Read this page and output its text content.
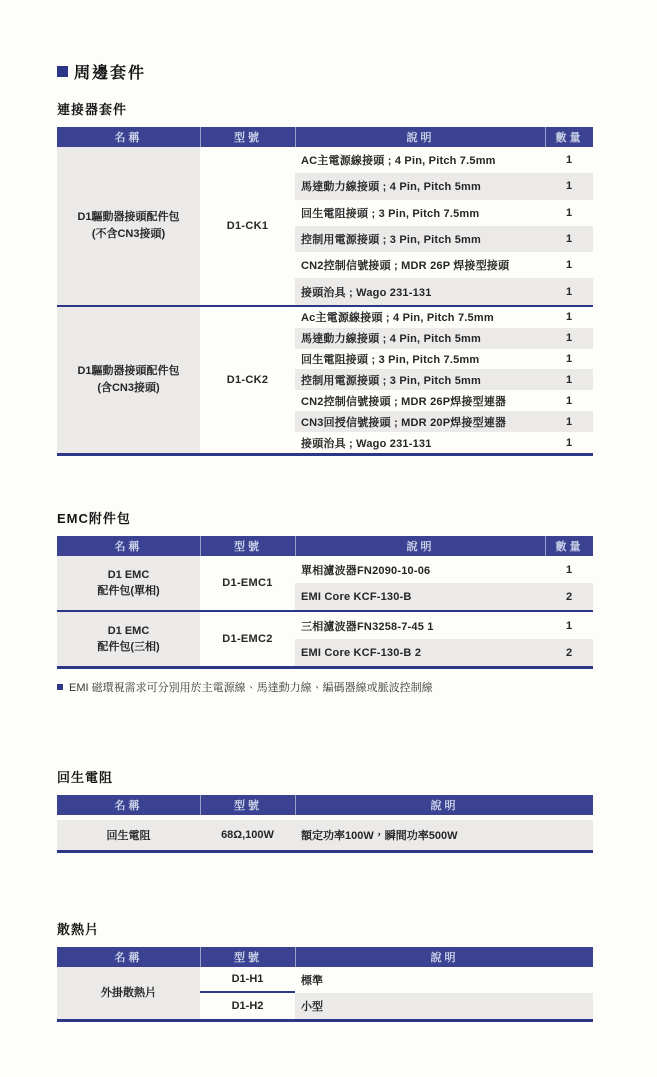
周邊套件
連接器套件
名稱	型號	說明	數量
D1驅動器接頭配件包
(不含CN3接頭)
D1-CK1
AC主電源線接頭 ; 4 Pin, Pitch 7.5mm	1
馬達動力線接頭 ; 4 Pin, Pitch 5mm	1
回生電阻接頭 ; 3 Pin, Pitch 7.5mm	1
控制用電源接頭 ; 3 Pin, Pitch 5mm	1
CN2控制信號接頭 ; MDR 26P 焊接型接頭	1
接頭治具 ; Wago 231-131	1
D1驅動器接頭配件包
(含CN3接頭)
D1-CK2
Ac主電源線接頭 ; 4 Pin, Pitch 7.5mm	1
馬達動力線接頭 ; 4 Pin, Pitch 5mm	1
回生電阻接頭 ; 3 Pin, Pitch 7.5mm	1
控制用電源接頭 ; 3 Pin, Pitch 5mm	1
CN2控制信號接頭 ; MDR 26P焊接型連器	1
CN3回授信號接頭 ; MDR 20P焊接型連器	1
接頭治具 ; Wago 231-131	1
EMC附件包
名稱	型號	說明	數量
D1 EMC
配件包(單相)
D1-EMC1
單相濾波器FN2090-10-06	1
EMI Core KCF-130-B	2
D1 EMC
配件包(三相)
D1-EMC2
三相濾波器FN3258-7-45 1	1
EMI Core KCF-130-B 2	2
EMI 磁環視需求可分別用於主電源線、馬達動力線、編碼器線或脈波控制線
回生電阻
名稱	型號	說明
回生電阻	68Ω,100W	額定功率100W，瞬間功率500W
散熱片
名稱	型號	說明
外掛散熱片
D1-H1	標準
D1-H2	小型
